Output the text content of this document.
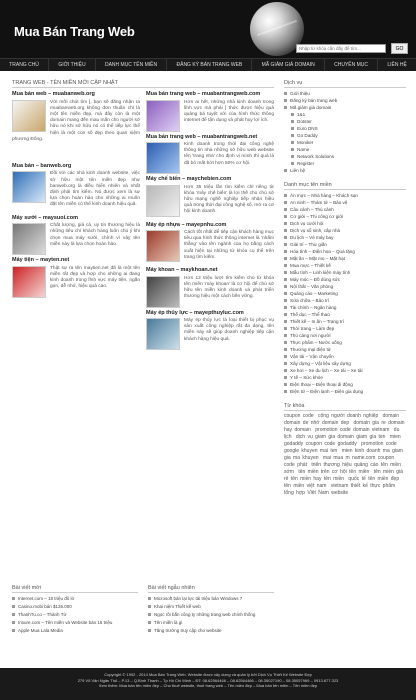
Mua Bán Trang Web
Nhập từ khóa cần đấy để tìm...
GO
TRANG CHỦ	GIỚI THIỆU	DANH MỤC TÊN MIỀN	ĐĂNG KÝ BÁN TRANG WEB	MÃ GIẢM GIÁ DOMAIN	CHUYÊN MỤC	LIÊN HỆ
TRANG WEB - TÊN MIỀN MỚI CẬP NHẬT
Mua bán web – muabanweb.org
Với mỡi chút tìm ], bạn sẽ đăng nhận ra muabanweb.org không đơn thuần chỉ là một tên miền đẹp, mà đây còn là một domain mang đến mau mắn cho người sở hữu nó khi sở hữu nó có thể tiếp lực thể hiện là một con số đẹp theo quan niệm phương Đông.
Mua bán – banweb.org
Đối với các nhà kinh doanh website, việc sở hữu một tên miền đẹp như banweb.org là điều hiển nhiên và nhất định phải tìm kiếm. Nó được xem là sự lựa chọn hoàn hảo cho những ai muốn đặt tên miền có thể kinh doanh hiệu quả.
Máy sưởi – maysuoi.com
Chất lượng, giá cả, uy tín thương hiệu là những tiêu chí khách hàng luôn chú ý khi chọn mua máy sưởi, chính vì vậy tên miền này là lựa chọn hoàn hảo.
Máy tiện – mayten.net
Thật sự ra tên maytien.net đã là một tên miền rất đẹp và hợp cho những ai đang kinh doanh trong lĩnh vực máy tiện, ngắn gọn, dễ nhớ, hiệu quả cao.
Mua bán trang web – muabantrangweb.com
Hơn ai hết, những nhà kinh doanh trong lĩnh vực mà phải ] thức được hiệu quả quảng bá tuyệt vời của hình thức thông internet để tận dụng và phát huy lợi ích.
Mua bán trang web – muabantrangweb.net
Kinh doanh trong thời đại công nghệ thông tin nhà những sở hữu web website tên 'trang nhà' cho định vị mình thì quả là đã bỏ mất bớt hơn 50% cơ hội.
Máy chế biến – maychebien.com
Hơn 35 triệu lần tìm kiếm chỉ riêng từ khóa 'máy chế biến' là lợi thế cho chủ sở hữu mạng nghề nghiệp tiếp nhận hiệu quả trong thời đại công nghệ số, mở ra cơ hội kinh doanh.
Máy ép nhựa – mayepnhu.com
Cách tốt nhất để tiếp cận khách hàng mục tiêu qua hình thức thông internet là 'nhắm thẳng' vào tên ngành của họ bằng cách xuất hiện tại những từ khóa cụ thể trên trang tìm kiếm.
Máy khoan – maykhoan.net
Hơn 12 triệu lượt tìm kiếm cho từ khóa tên miền 'máy khoan' là cơ hội để chủ sở hữu tên miền kinh doanh và phát triển thương hiệu một cách bền vững.
Máy ép thủy lực – mayepthuyluc.com
Máy ép thủy lực là loại thiết bị phục vụ sản xuất công nghiệp rất đa dạng, tên miền này sẽ giúp doanh nghiệp tiếp cận khách hàng hiệu quả.
Dịch vụ
Giới thiệu
Đăng ký bán trang web
Mã giảm giá domain
1&1
Dotster
Euro DNS
Go Daddy
Moniker
Name
Network Solutions
Register
Liên hệ
Danh mục tên miền
Ăn mực – Nhà hàng – Khách sạn
An ninh – Thám tử – Bảo vệ
Câu cảnh – Thú cảnh
Cơ giới – Thi công cơ giới
Dịch vụ cưới hỏi
Dịch vụ sổ sinh, cấp nhà
Du lịch – Vé máy bay
Giải trí – Thư giãn
Hóa tính – Điện hoa – Quà tặng
Mặt ăn – Mặt mo – Mặt hạt
Mua mực – Thiết kế
Mẫu tính – Linh kiện máy tính
Máy móc – Đồ dùng sức
Nội thất – Văn phòng
Quảng cáo – Marketing
Sửa chữa – Bảo trì
Tài chính – Ngân hàng
Thể dục – Thể thao
Thiết kế – In ấn – Trang trí
Thời trang – Làm đẹp
Thú cảng nơi người
Thực phẩm – Nước uống
Thương mại điện tử
Vận tải – Vận chuyển
Xây dựng – Vật liệu xây dựng
Xe hơi – Xe du lịch – Xe tải – Xe tải
Y tế – Sức khỏe
Điện thoại – Điện thoại di động
Điện tử – Điện lạnh – Điện gia dụng
Từ khóa
coupon code cộng người doanh nghiệp domain domain de nhớ domain dep domain gia re domain hay domain promotion code domain vietnam du lịch dịch vụ giam gia domain giam gia ten mien godaddy coupon code godaddy promotion code google khuyen mai ten mien kinh doanh ma giam gia ma khuyen mai mua m name.com coupon code phát triển thương hiệu quảng cáo tên miền sớm tên miền trên cơ hội tên miền tên miền giá rẻ tên miền hay tên miền quốc tế tên miền đẹp tên miền việt nam vietnam thiết kế thực phẩm tổng hợp Việt Nam website
Bài viết mới
Internet.com – 18 triệu đô lớ
Casino.mobi bán $135.000
ThanhTu.co – Thành Tử
Insure.com – Tên miền và Website bán 16 triệu
Apple Mua Lala Media
Bài viết ngẫu nhiên
Microsoft bán lại lực tải triệu bản Windows 7
Khai niệm Thiết kế web
Ngọc rồi bắn công ty những trang web chính thống
Tên miền là gì
Tăng trưởng truy cập cho website
Copyright © 1992 - 2014 Mua Bán Trang Web. Website được xây dựng và quản lý bởi Dịch Vụ Thiết Kế Website Đẹp
279 Võ Văn Ngân Thủ – P.13 – Q.Bình Thạnh – Tp Hồ Chí Minh – ĐT: 08.62564466 – 08.62564466 – 08.35027190 – 08.35057969 – 0913.677.323
Xem thêm: Mua bán tên miền đẹp – Cho thuê website, thuê trang web – Tên miền đẹp – Mua bán tên miền – Tên miền đẹp
